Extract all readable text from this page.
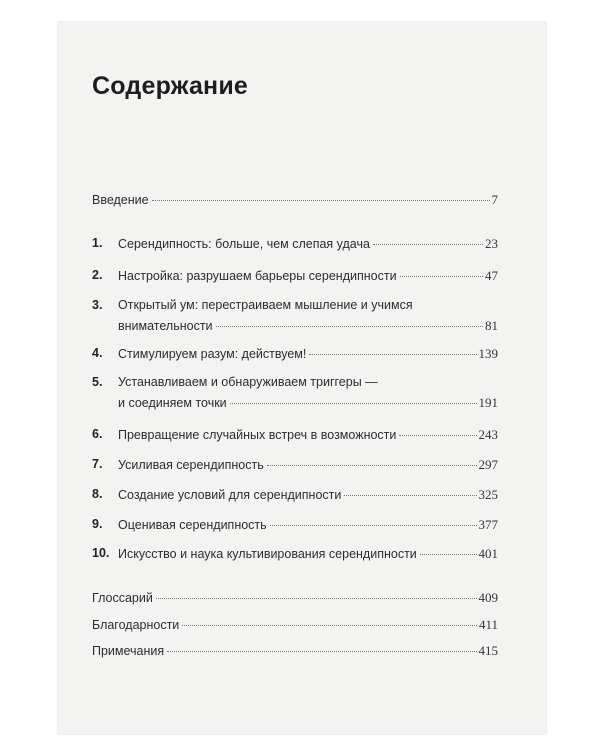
Содержание
Введение	7
1. Серендипность: больше, чем слепая удача	23
2. Настройка: разрушаем барьеры серендипности	47
3. Открытый ум: перестраиваем мышление и учимся
внимательности	81
4. Стимулируем разум: действуем!	139
5. Устанавливаем и обнаруживаем триггеры —
и соединяем точки	191
6. Превращение случайных встреч в возможности	243
7. Усиливая серендипность	297
8. Создание условий для серендипности	325
9. Оценивая серендипность	377
10. Искусство и наука культивирования серендипности	401
Глоссарий	409
Благодарности	411
Примечания	415
